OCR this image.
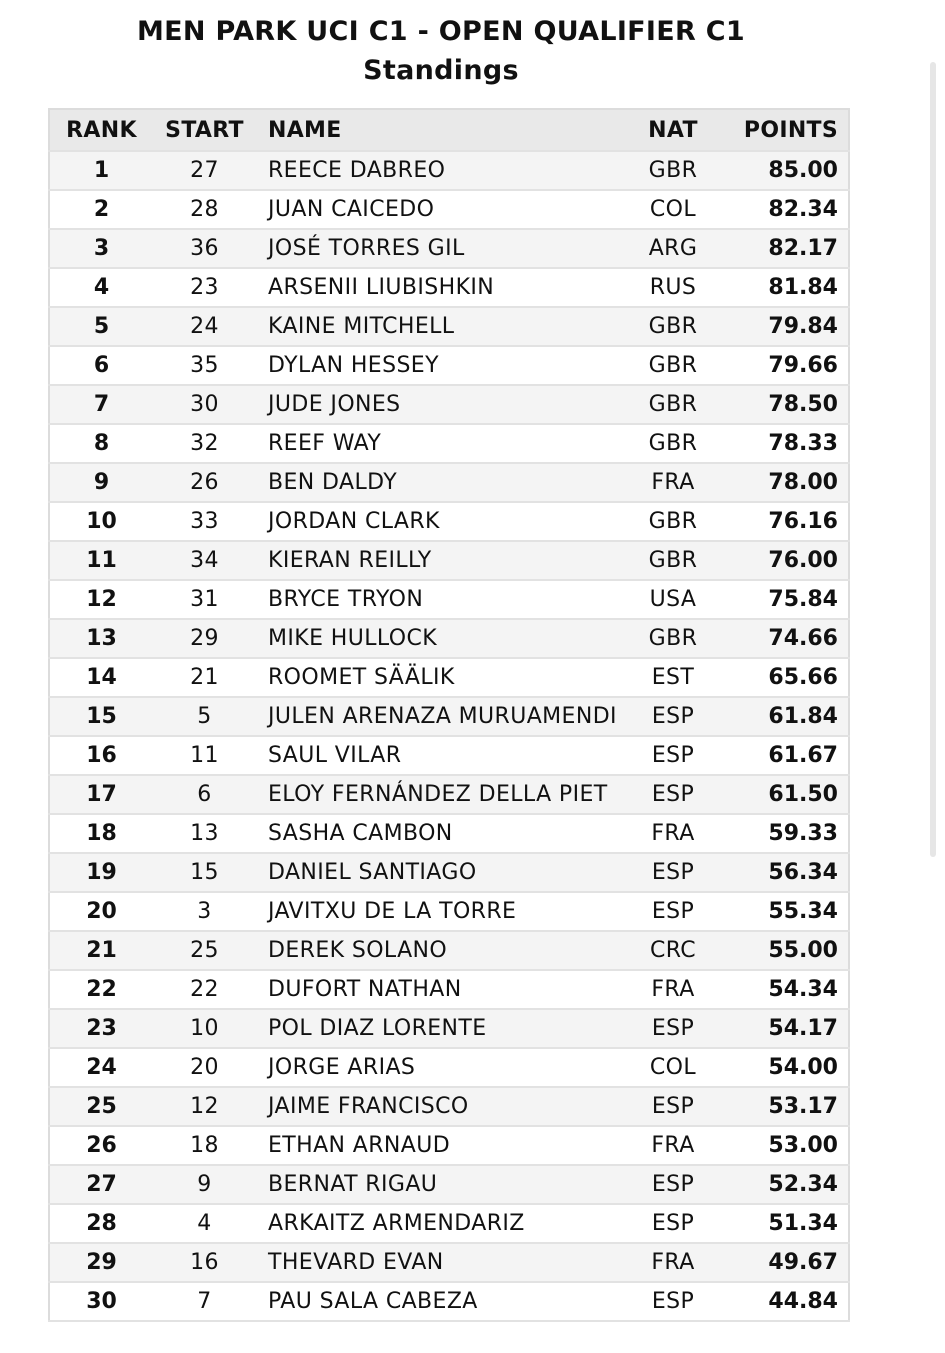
MEN PARK UCI C1 - OPEN QUALIFIER C1
Standings
RANK	START	NAME	NAT	POINTS
1	27	REECE DABREO	GBR	85.00
2	28	JUAN CAICEDO	COL	82.34
3	36	JOSÉ TORRES GIL	ARG	82.17
4	23	ARSENII LIUBISHKIN	RUS	81.84
5	24	KAINE MITCHELL	GBR	79.84
6	35	DYLAN HESSEY	GBR	79.66
7	30	JUDE JONES	GBR	78.50
8	32	REEF WAY	GBR	78.33
9	26	BEN DALDY	FRA	78.00
10	33	JORDAN CLARK	GBR	76.16
11	34	KIERAN REILLY	GBR	76.00
12	31	BRYCE TRYON	USA	75.84
13	29	MIKE HULLOCK	GBR	74.66
14	21	ROOMET SÄÄLIK	EST	65.66
15	5	JULEN ARENAZA MURUAMENDI	ESP	61.84
16	11	SAUL VILAR	ESP	61.67
17	6	ELOY FERNÁNDEZ DELLA PIET	ESP	61.50
18	13	SASHA CAMBON	FRA	59.33
19	15	DANIEL SANTIAGO	ESP	56.34
20	3	JAVITXU DE LA TORRE	ESP	55.34
21	25	DEREK SOLANO	CRC	55.00
22	22	DUFORT NATHAN	FRA	54.34
23	10	POL DIAZ LORENTE	ESP	54.17
24	20	JORGE ARIAS	COL	54.00
25	12	JAIME FRANCISCO	ESP	53.17
26	18	ETHAN ARNAUD	FRA	53.00
27	9	BERNAT RIGAU	ESP	52.34
28	4	ARKAITZ ARMENDARIZ	ESP	51.34
29	16	THEVARD EVAN	FRA	49.67
30	7	PAU SALA CABEZA	ESP	44.84
